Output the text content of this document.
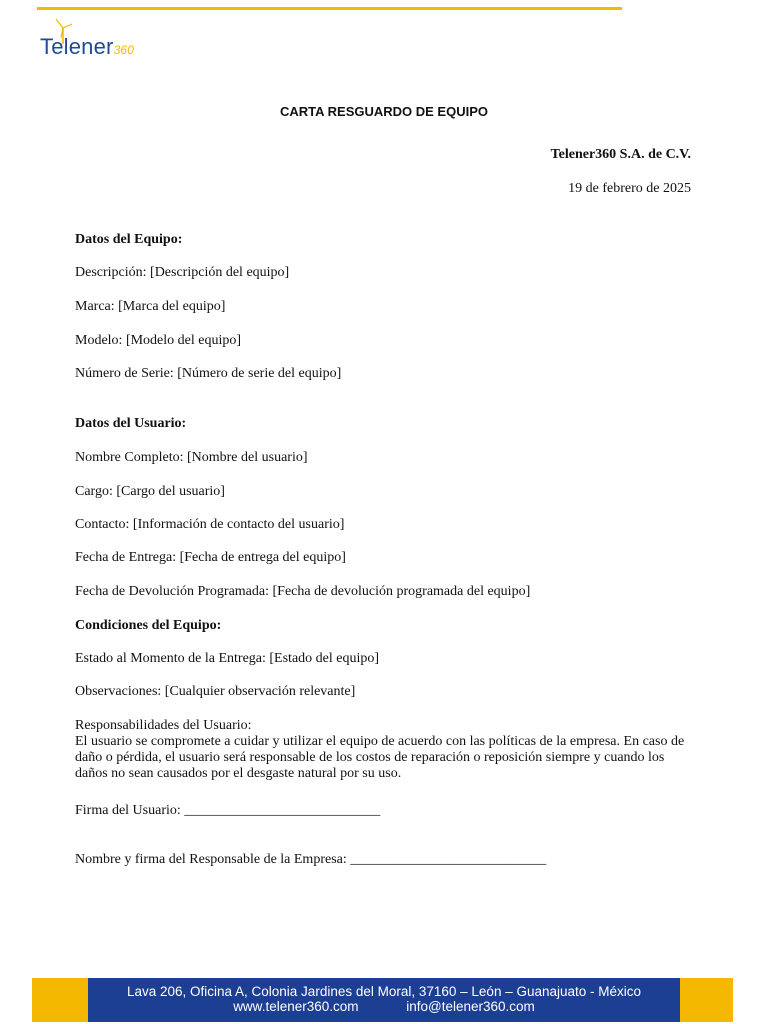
Telener360
CARTA RESGUARDO DE EQUIPO
Telener360 S.A. de C.V.
19 de febrero de 2025
Datos del Equipo:
Descripción: [Descripción del equipo]
Marca: [Marca del equipo]
Modelo: [Modelo del equipo]
Número de Serie: [Número de serie del equipo]
Datos del Usuario:
Nombre Completo: [Nombre del usuario]
Cargo: [Cargo del usuario]
Contacto: [Información de contacto del usuario]
Fecha de Entrega: [Fecha de entrega del equipo]
Fecha de Devolución Programada: [Fecha de devolución programada del equipo]
Condiciones del Equipo:
Estado al Momento de la Entrega: [Estado del equipo]
Observaciones: [Cualquier observación relevante]
Responsabilidades del Usuario:
El usuario se compromete a cuidar y utilizar el equipo de acuerdo con las políticas de la empresa. En caso de daño o pérdida, el usuario será responsable de los costos de reparación o reposición siempre y cuando los daños no sean causados por el desgaste natural por su uso.
Firma del Usuario: ____________________________
Nombre y firma del Responsable de la Empresa: ____________________________
Lava 206, Oficina A, Colonia Jardines del Moral, 37160 – León – Guanajuato - México
www.telener360.com	info@telener360.com
